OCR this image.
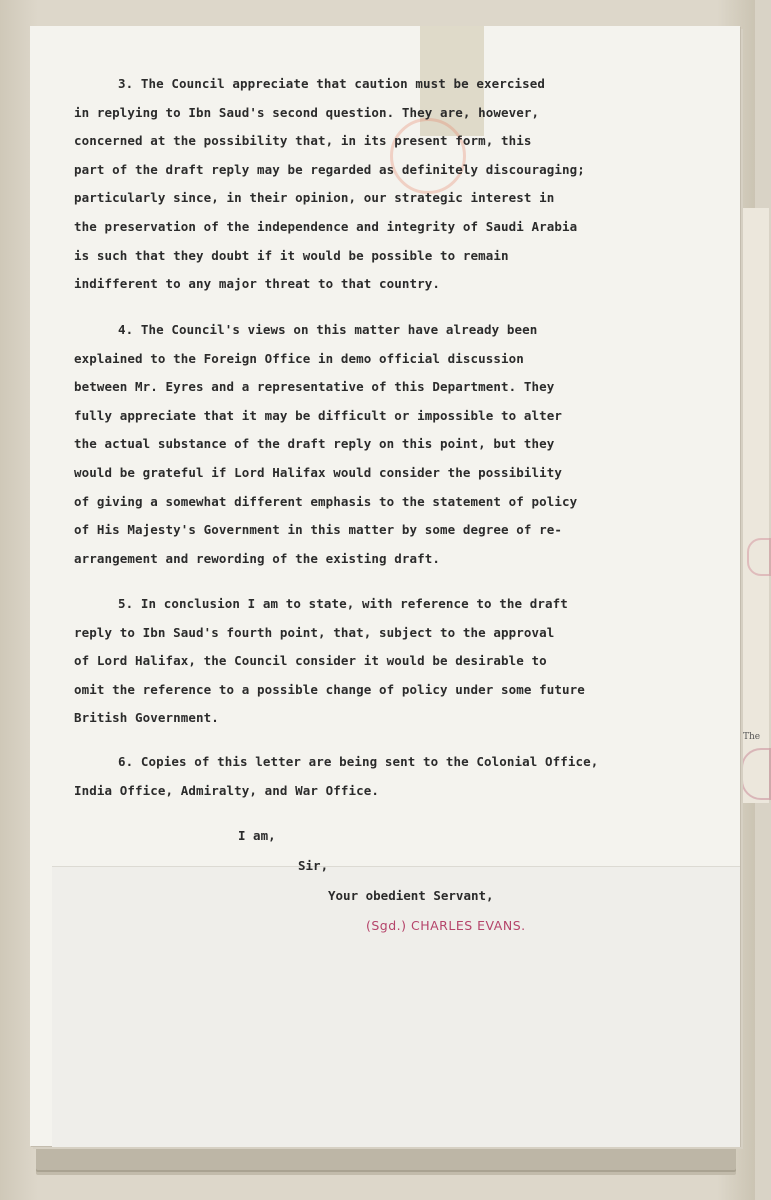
The

3. The Council appreciate that caution must be exercised
in replying to Ibn Saud's second question. They are, however,
concerned at the possibility that, in its present form, this
part of the draft reply may be regarded as definitely discouraging;
particularly since, in their opinion, our strategic interest in
the preservation of the independence and integrity of Saudi Arabia
is such that they doubt if it would be possible to remain
indifferent to any major threat to that country.

4. The Council's views on this matter have already been
explained to the Foreign Office in demo official discussion
between Mr. Eyres and a representative of this Department. They
fully appreciate that it may be difficult or impossible to alter
the actual substance of the draft reply on this point, but they
would be grateful if Lord Halifax would consider the possibility
of giving a somewhat different emphasis to the statement of policy
of His Majesty's Government in this matter by some degree of re-
arrangement and rewording of the existing draft.

5. In conclusion I am to state, with reference to the draft
reply to Ibn Saud's fourth point, that, subject to the approval
of Lord Halifax, the Council consider it would be desirable to
omit the reference to a possible change of policy under some future
British Government.

6. Copies of this letter are being sent to the Colonial Office,
India Office, Admiralty, and War Office.

I am,
Sir,
Your obedient Servant,
(Sgd.) CHARLES EVANS.
